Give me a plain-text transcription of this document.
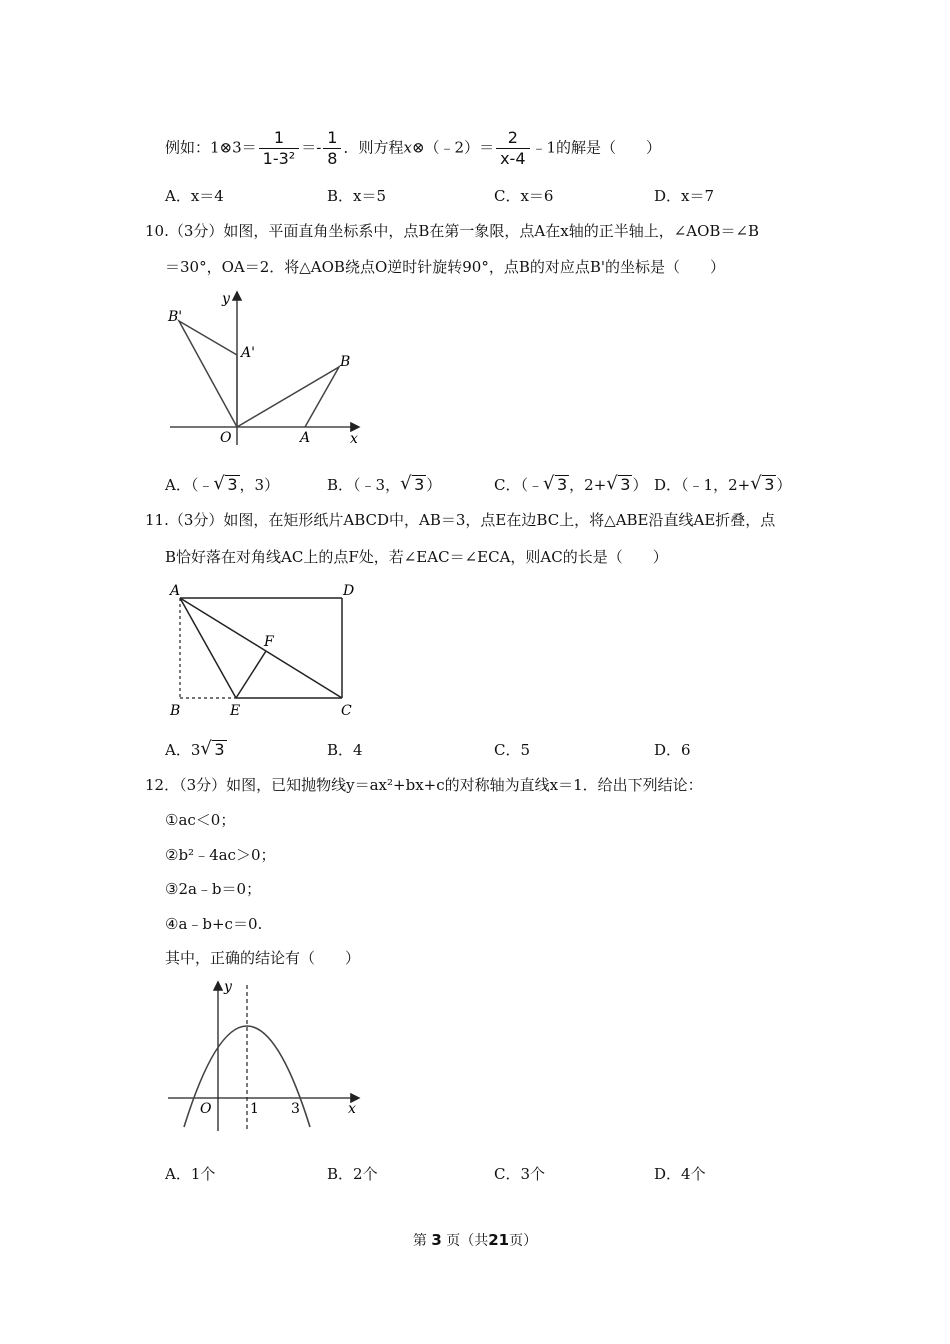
例如：1⊗3＝ $\frac{1}{\text{1-3²}} =- \frac{1}{8}$ ．则方程x⊗（﹣2）＝ $\frac{2}{x-4}$ ﹣1的解是（　　）
A．x＝4	B．x＝5	C．x＝6	D．x＝7
10.（3分）如图，平面直角坐标系中，点B在第一象限，点A在x轴的正半轴上，∠AOB＝∠B
＝30°，OA＝2．将△AOB绕点O逆时针旋转90°，点B的对应点B'的坐标是（　　）
B'
y
A'
B
O	A	x
A．（﹣ √ 3 ，3）	B．（﹣3， √ 3 ）	C．（﹣ √ 3 ，2+ √ 3 ） D．（﹣1，2+ √ 3 ）
11.（3分）如图，在矩形纸片ABCD中，AB＝3，点E在边BC上，将△ABE沿直线AE折叠，点
B恰好落在对角线AC上的点F处，若∠EAC＝∠ECA，则AC的长是（　　）
A	D
F
B	E	C
A．3 √ 3	B．4	C．5	D．6
12．（3分）如图，已知抛物线y＝ax²+bx+c的对称轴为直线x＝1．给出下列结论：
①ac＜0；
②b²﹣4ac＞0；
③2a﹣b＝0；
④a﹣b+c＝0.
其中，正确的结论有（　　）
y
O	1 3	x
A．1个	B．2个	C．3个	D．4个
第 3 页（共21页）
